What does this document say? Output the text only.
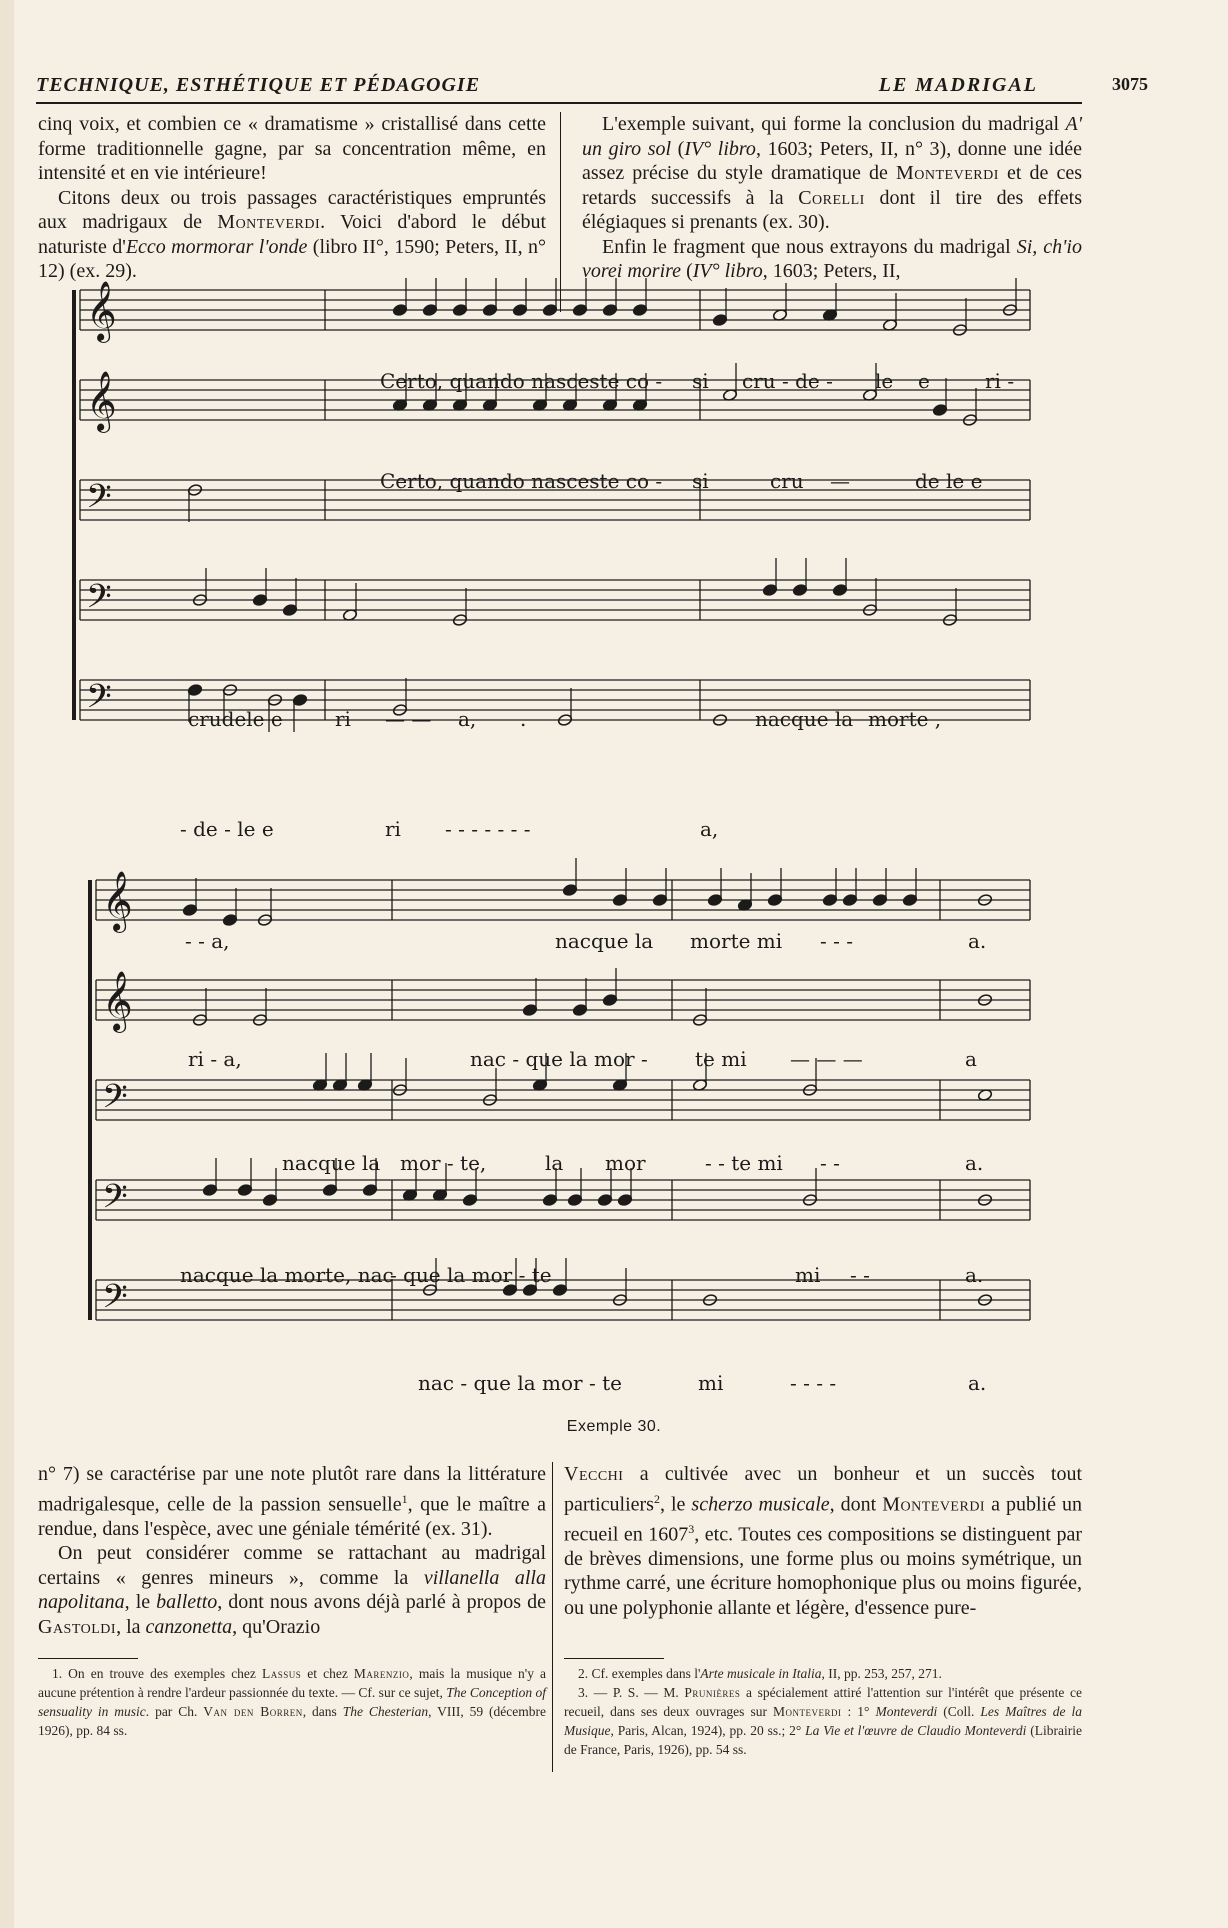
TECHNIQUE, ESTHÉTIQUE ET PÉDAGOGIE	LE MADRIGAL	3075

cinq voix, et combien ce « dramatisme » cristallisé dans cette forme traditionnelle gagne, par sa concentration même, en intensité et en vie intérieure!

Citons deux ou trois passages caractéristiques empruntés aux madrigaux de Monteverdi. Voici d'abord le début naturiste d'Ecco mormorar l'onde (libro II°, 1590; Peters, II, n° 12) (ex. 29).

L'exemple suivant, qui forme la conclusion du madrigal A' un giro sol (IV° libro, 1603; Peters, II, n° 3), donne une idée assez précise du style dramatique de Monteverdi et de ces retards successifs à la Corelli dont il tire des effets élégiaques si prenants (ex. 30).

Enfin le fragment que nous extrayons du madrigal Si, ch'io vorei morire (IV° libro, 1603; Peters, II,

𝄞
𝄞
𝄢
𝄢
𝄢
𝄞
𝄞
𝄢
𝄢
𝄢
Certo, quando nasceste co - si cru - de - le e	ri -
Certo, quando nasceste co - si	cru —	de le e
crudele e	ri — — a, .	nacque la morte ,
- de - le e	ri - - - - - - -	a,
- - a,	nacque la morte mi - - -	a.
ri - a,	nac - que la mor - te mi — — —	a
nacque la mor - te,	la mor	- - te mi - -	a.
nacque la morte, nac
- que la mor - te	mi - -	a.
nac - que la mor - te	mi	- - - -	a.
Exemple 30.

n° 7) se caractérise par une note plutôt rare dans la littérature madrigalesque, celle de la passion sensuelle$^1$, que le maître a rendue, dans l'espèce, avec une géniale témérité (ex. 31).

On peut considérer comme se rattachant au madrigal certains « genres mineurs », comme la villanella alla napolitana, le balletto, dont nous avons déjà parlé à propos de Gastoldi, la canzonetta, qu'Orazio

Vecchi a cultivée avec un bonheur et un succès tout particuliers$^2$, le scherzo musicale, dont Monteverdi a publié un recueil en 1607$^3$, etc. Toutes ces compositions se distinguent par de brèves dimensions, une forme plus ou moins symétrique, un rythme carré, une écriture homophonique plus ou moins figurée, ou une polyphonie allante et légère, d'essence pure-

1. On en trouve des exemples chez Lassus et chez Marenzio, mais la musique n'y a aucune prétention à rendre l'ardeur passionnée du texte. — Cf. sur ce sujet, The Conception of sensuality in music. par Ch. Van den Borren, dans The Chesterian, VIII, 59 (décembre 1926), pp. 84 ss.

2. Cf. exemples dans l'Arte musicale in Italia, II, pp. 253, 257, 271.

3. — P. S. — M. Prunières a spécialement attiré l'attention sur l'intérêt que présente ce recueil, dans ses deux ouvrages sur Monteverdi : 1° Monteverdi (Coll. Les Maîtres de la Musique, Paris, Alcan, 1924), pp. 20 ss.; 2° La Vie et l'œuvre de Claudio Monteverdi (Librairie de France, Paris, 1926), pp. 54 ss.
